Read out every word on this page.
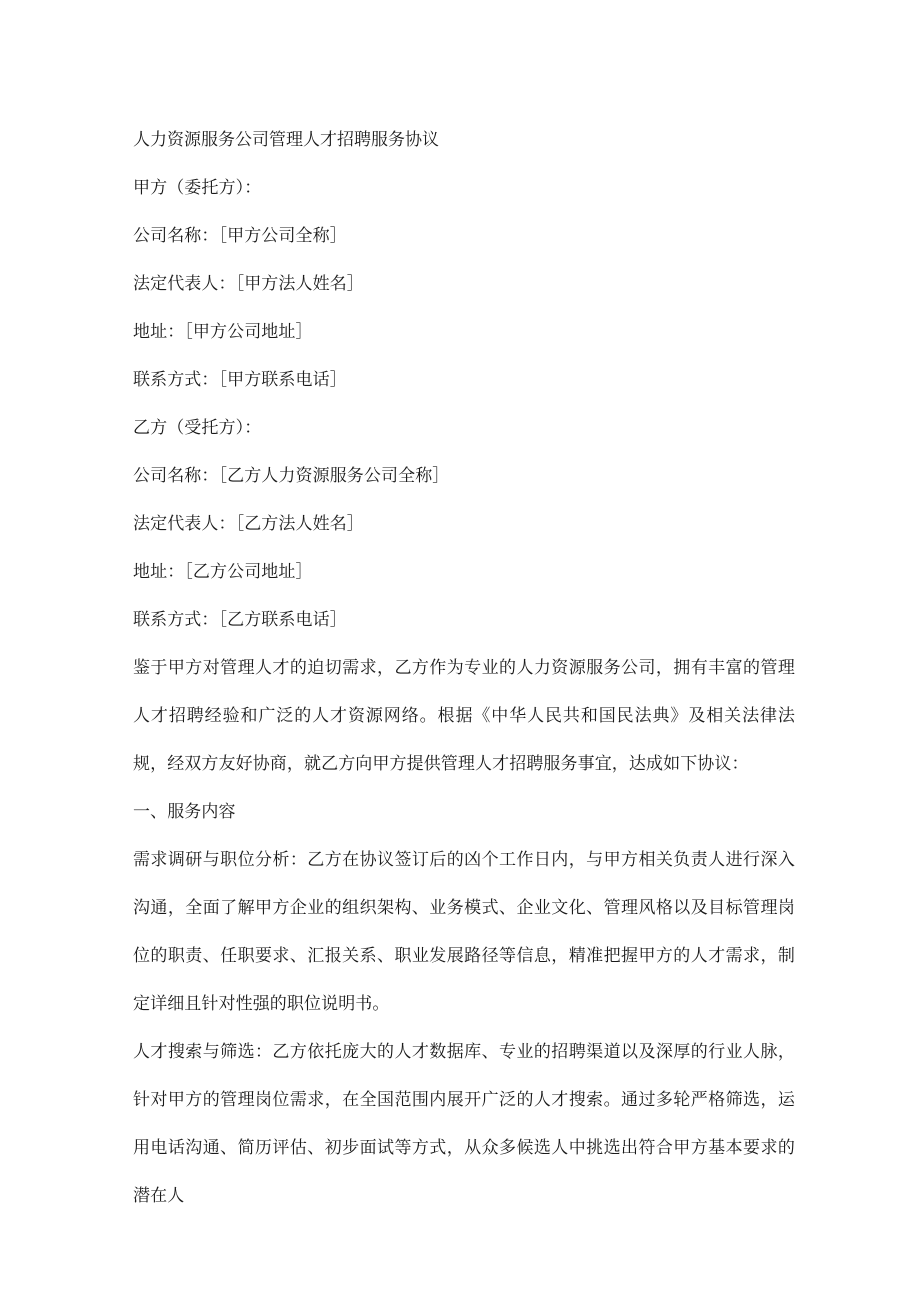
人力资源服务公司管理人才招聘服务协议

甲方（委托方）：

公司名称：［甲方公司全称］

法定代表人：［甲方法人姓名］

地址：［甲方公司地址］

联系方式：［甲方联系电话］

乙方（受托方）：

公司名称：［乙方人力资源服务公司全称］

法定代表人：［乙方法人姓名］

地址：［乙方公司地址］

联系方式：［乙方联系电话］

鉴于甲方对管理人才的迫切需求，乙方作为专业的人力资源服务公司，拥有丰富的管理人才招聘经验和广泛的人才资源网络。根据《中华人民共和国民法典》及相关法律法规，经双方友好协商，就乙方向甲方提供管理人才招聘服务事宜，达成如下协议：

一、服务内容

需求调研与职位分析：乙方在协议签订后的凶个工作日内，与甲方相关负责人进行深入沟通，全面了解甲方企业的组织架构、业务模式、企业文化、管理风格以及目标管理岗位的职责、任职要求、汇报关系、职业发展路径等信息，精准把握甲方的人才需求，制定详细且针对性强的职位说明书。

人才搜索与筛选：乙方依托庞大的人才数据库、专业的招聘渠道以及深厚的行业人脉，针对甲方的管理岗位需求，在全国范围内展开广泛的人才搜索。通过多轮严格筛选，运用电话沟通、简历评估、初步面试等方式，从众多候选人中挑选出符合甲方基本要求的潜在人
